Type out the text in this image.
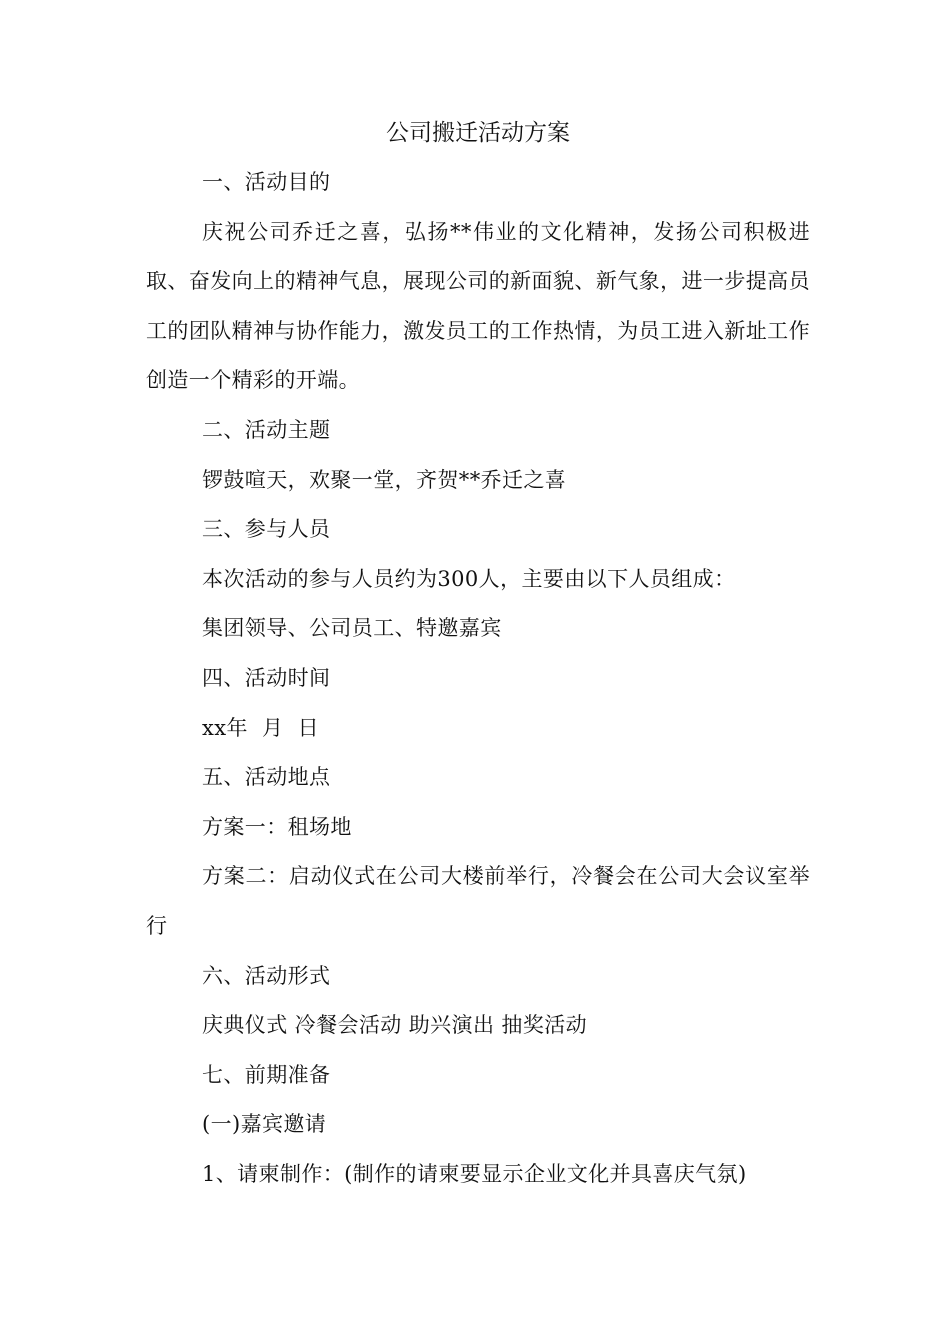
公司搬迁活动方案

一、活动目的

庆祝公司乔迁之喜，弘扬**伟业的文化精神，发扬公司积极进取、奋发向上的精神气息，展现公司的新面貌、新气象，进一步提高员工的团队精神与协作能力，激发员工的工作热情，为员工进入新址工作创造一个精彩的开端。

二、活动主题

锣鼓喧天，欢聚一堂，齐贺**乔迁之喜

三、参与人员

本次活动的参与人员约为300人，主要由以下人员组成：

集团领导、公司员工、特邀嘉宾

四、活动时间

xx年  月  日

五、活动地点

方案一：租场地

方案二：启动仪式在公司大楼前举行，冷餐会在公司大会议室举行

六、活动形式

庆典仪式 冷餐会活动 助兴演出 抽奖活动

七、前期准备

(一)嘉宾邀请

1、请柬制作：(制作的请柬要显示企业文化并具喜庆气氛)
